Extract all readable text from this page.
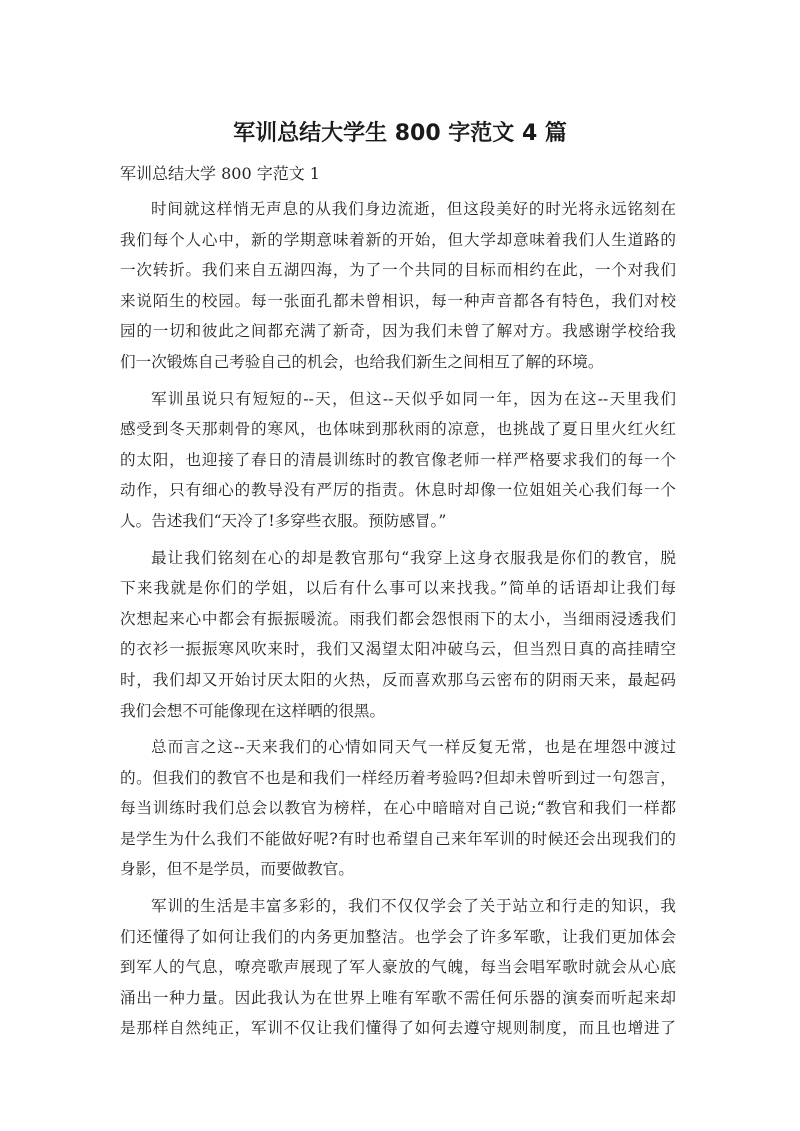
军训总结大学生 800 字范文 4 篇

军训总结大学 800 字范文 1

时间就这样悄无声息的从我们身边流逝，但这段美好的时光将永远铭刻在
我们每个人心中，新的学期意味着新的开始，但大学却意味着我们人生道路的
一次转折。我们来自五湖四海，为了一个共同的目标而相约在此，一个对我们
来说陌生的校园。每一张面孔都未曾相识，每一种声音都各有特色，我们对校
园的一切和彼此之间都充满了新奇，因为我们未曾了解对方。我感谢学校给我
们一次锻炼自己考验自己的机会，也给我们新生之间相互了解的环境。

军训虽说只有短短的--天，但这--天似乎如同一年，因为在这--天里我们
感受到冬天那刺骨的寒风，也体味到那秋雨的凉意，也挑战了夏日里火红火红
的太阳，也迎接了春日的清晨训练时的教官像老师一样严格要求我们的每一个
动作，只有细心的教导没有严厉的指责。休息时却像一位姐姐关心我们每一个
人。告述我们“天冷了!多穿些衣服。预防感冒。”

最让我们铭刻在心的却是教官那句“我穿上这身衣服我是你们的教官，脱
下来我就是你们的学姐，以后有什么事可以来找我。”简单的话语却让我们每
次想起来心中都会有振振暖流。雨我们都会怨恨雨下的太小，当细雨浸透我们
的衣衫一振振寒风吹来时，我们又渴望太阳冲破乌云，但当烈日真的高挂晴空
时，我们却又开始讨厌太阳的火热，反而喜欢那乌云密布的阴雨天来，最起码
我们会想不可能像现在这样晒的很黑。

总而言之这--天来我们的心情如同天气一样反复无常，也是在埋怨中渡过
的。但我们的教官不也是和我们一样经历着考验吗?但却未曾听到过一句怨言，
每当训练时我们总会以教官为榜样，在心中暗暗对自己说;“教官和我们一样都
是学生为什么我们不能做好呢?有时也希望自己来年军训的时候还会出现我们的
身影，但不是学员，而要做教官。

军训的生活是丰富多彩的，我们不仅仅学会了关于站立和行走的知识，我
们还懂得了如何让我们的内务更加整洁。也学会了许多军歌，让我们更加体会
到军人的气息，嘹亮歌声展现了军人豪放的气魄，每当会唱军歌时就会从心底
涌出一种力量。因此我认为在世界上唯有军歌不需任何乐器的演奏而听起来却
是那样自然纯正，军训不仅让我们懂得了如何去遵守规则制度，而且也增进了
